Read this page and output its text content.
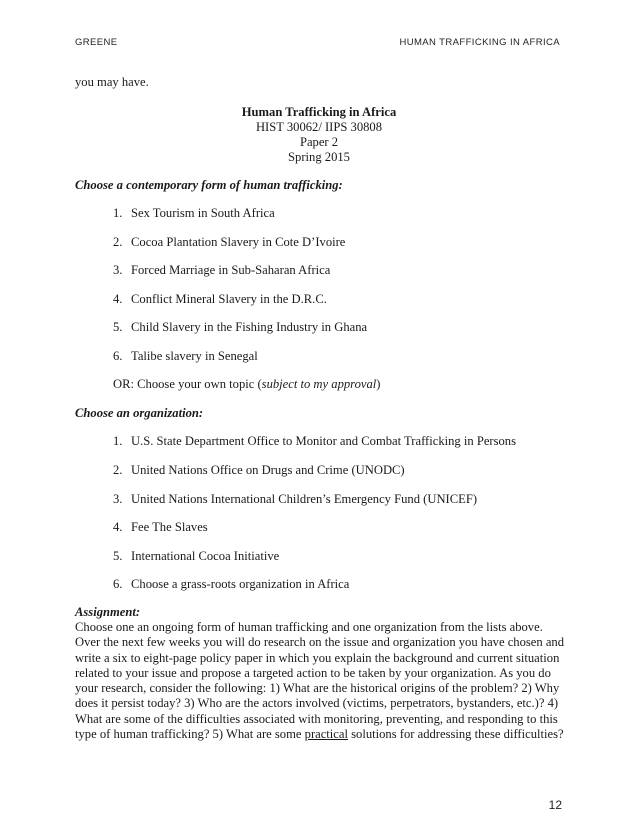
GREENE	HUMAN TRAFFICKING IN AFRICA
you may have.
Human Trafficking in Africa
HIST 30062/ IIPS 30808
Paper 2
Spring 2015
Choose a contemporary form of human trafficking:
1. Sex Tourism in South Africa
2. Cocoa Plantation Slavery in Cote D’Ivoire
3. Forced Marriage in Sub-Saharan Africa
4. Conflict Mineral Slavery in the D.R.C.
5. Child Slavery in the Fishing Industry in Ghana
6. Talibe slavery in Senegal
OR: Choose your own topic (subject to my approval)
Choose an organization:
1. U.S. State Department Office to Monitor and Combat Trafficking in Persons
2. United Nations Office on Drugs and Crime (UNODC)
3. United Nations International Children’s Emergency Fund (UNICEF)
4. Fee The Slaves
5. International Cocoa Initiative
6. Choose a grass-roots organization in Africa
Assignment:
Choose one an ongoing form of human trafficking and one organization from the lists above.
Over the next few weeks you will do research on the issue and organization you have chosen and
write a six to eight-page policy paper in which you explain the background and current situation
related to your issue and propose a targeted action to be taken by your organization. As you do
your research, consider the following: 1) What are the historical origins of the problem? 2) Why
does it persist today? 3) Who are the actors involved (victims, perpetrators, bystanders, etc.)? 4)
What are some of the difficulties associated with monitoring, preventing, and responding to this
type of human trafficking? 5) What are some practical solutions for addressing these difficulties?
12
